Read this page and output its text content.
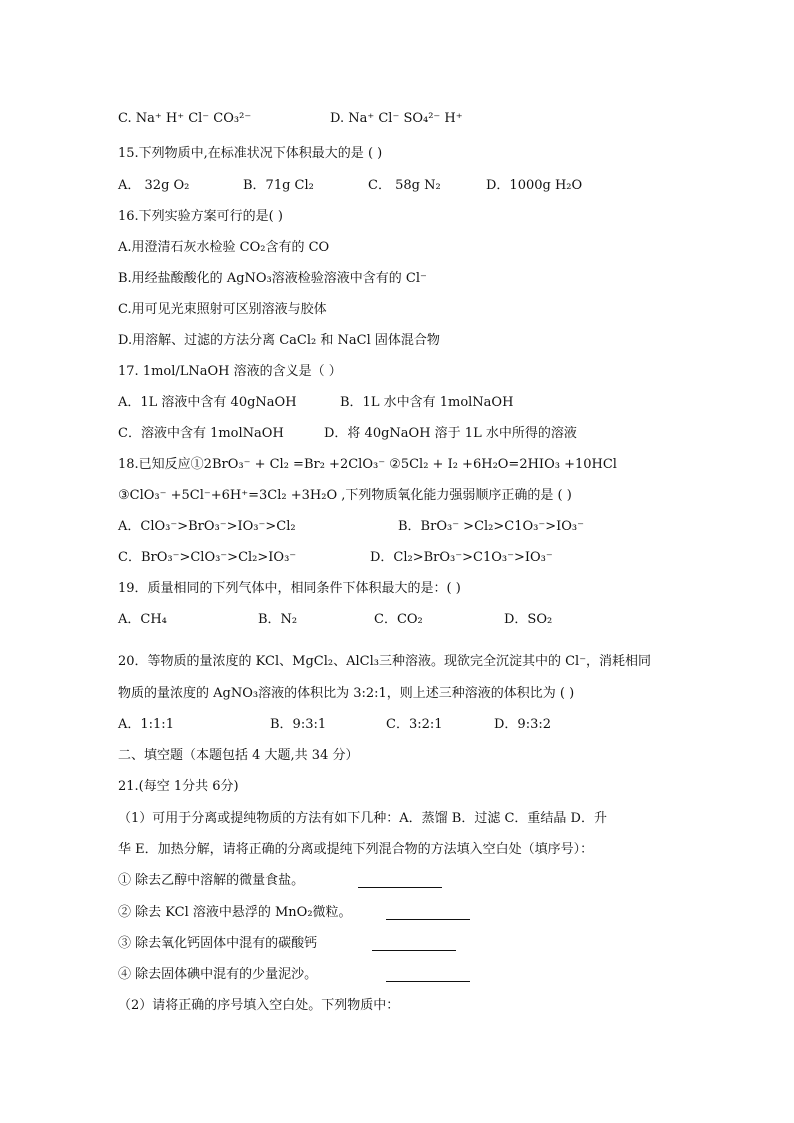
C. Na⁺ H⁺ Cl⁻ CO₃²⁻	D. Na⁺ Cl⁻ SO₄²⁻ H⁺
15.下列物质中,在标准状况下体积最大的是 ( )
A． 32g O₂	B．71g Cl₂	C． 58g N₂	D．1000g H₂O
16.下列实验方案可行的是( )
A.用澄清石灰水检验 CO₂含有的 CO
B.用经盐酸酸化的 AgNO₃溶液检验溶液中含有的 Cl⁻
C.用可见光束照射可区别溶液与胶体
D.用溶解、过滤的方法分离 CaCl₂ 和 NaCl 固体混合物
17. 1mol/LNaOH 溶液的含义是（ ）
A．1L 溶液中含有 40gNaOH	B．1L 水中含有 1molNaOH
C．溶液中含有 1molNaOH	D．将 40gNaOH 溶于 1L 水中所得的溶液
18.已知反应①2BrO₃⁻ + Cl₂ =Br₂ +2ClO₃⁻ ②5Cl₂ + I₂ +6H₂O=2HIO₃ +10HCl
③ClO₃⁻ +5Cl⁻+6H⁺=3Cl₂ +3H₂O ,下列物质氧化能力强弱顺序正确的是 ( )
A．ClO₃⁻>BrO₃⁻>IO₃⁻>Cl₂	B．BrO₃⁻ >Cl₂>C1O₃⁻>IO₃⁻
C．BrO₃⁻>ClO₃⁻>Cl₂>IO₃⁻	D．Cl₂>BrO₃⁻>C1O₃⁻>IO₃⁻
19．质量相同的下列气体中，相同条件下体积最大的是：( )
A．CH₄	B．N₂	C．CO₂	D．SO₂
20．等物质的量浓度的 KCl、MgCl₂、AlCl₃三种溶液。现欲完全沉淀其中的 Cl⁻，消耗相同
物质的量浓度的 AgNO₃溶液的体积比为 3:2:1，则上述三种溶液的体积比为 ( )
A．1:1:1	B．9:3:1	C．3:2:1	D．9:3:2
二、填空题（本题包括 4 大题,共 34 分）
21.(每空 1分共 6分)
（1）可用于分离或提纯物质的方法有如下几种：A．蒸馏 B．过滤 C．重结晶 D．升
华 E．加热分解，请将正确的分离或提纯下列混合物的方法填入空白处（填序号）：
① 除去乙醇中溶解的微量食盐。
② 除去 KCl 溶液中悬浮的 MnO₂微粒。
③ 除去氧化钙固体中混有的碳酸钙
④ 除去固体碘中混有的少量泥沙。
（2）请将正确的序号填入空白处。下列物质中：
